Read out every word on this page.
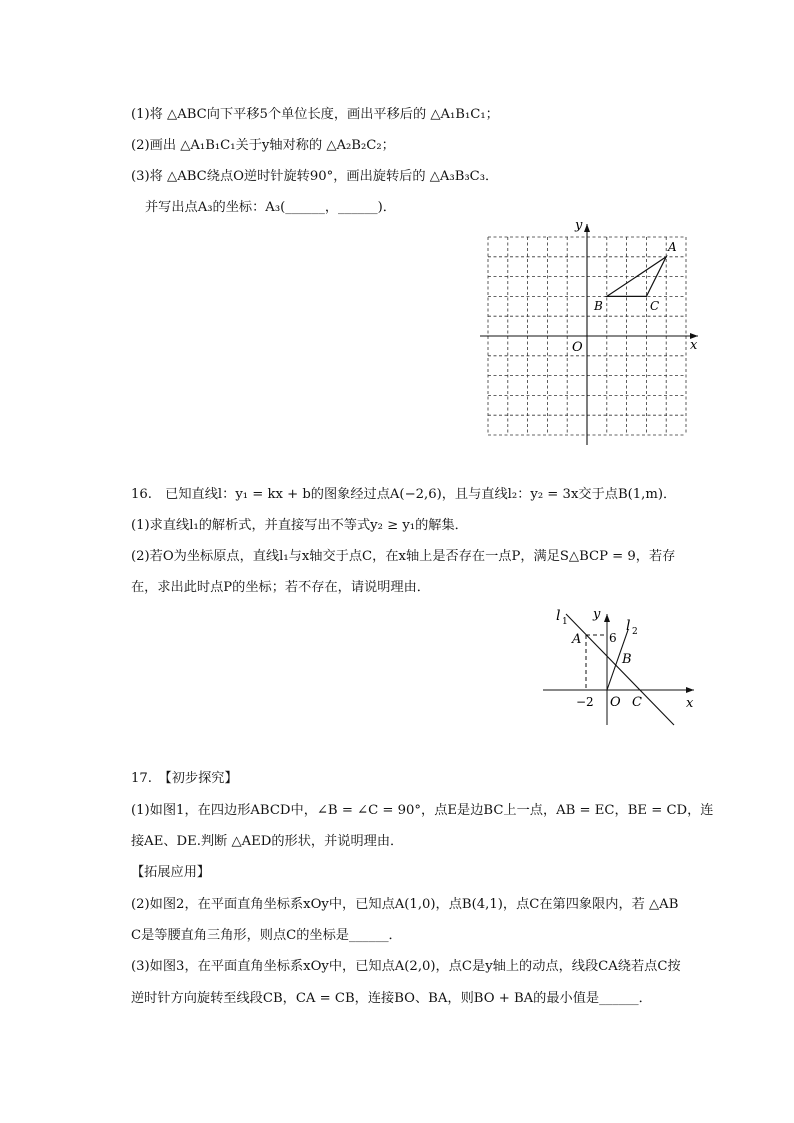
(1)将 △ABC向下平移5个单位长度，画出平移后的 △A₁B₁C₁；
(2)画出 △A₁B₁C₁关于y轴对称的 △A₂B₂C₂；
(3)将 △ABC绕点O逆时针旋转90°，画出旋转后的 △A₃B₃C₃．
并写出点A₃的坐标：A₃(______，______)．
y
x
O
A
B	C
16.　已知直线l：y₁ = kx + b的图象经过点A(−2,6)，且与直线l₂：y₂ = 3x交于点B(1,m)．
(1)求直线l₁的解析式，并直接写出不等式y₂ ≥ y₁的解集．
(2)若O为坐标原点，直线l₁与x轴交于点C，在x轴上是否存在一点P，满足S△BCP = 9，若存
在，求出此时点P的坐标；若不存在，请说明理由．
l 1	l 2
y
x
A 6
B
O C
−2
17.　【初步探究】
(1)如图1，在四边形ABCD中，∠B = ∠C = 90°，点E是边BC上一点，AB = EC，BE = CD，连
接AE、DE.判断 △AED的形状，并说明理由．
【拓展应用】
(2)如图2，在平面直角坐标系xOy中，已知点A(1,0)，点B(4,1)，点C在第四象限内，若 △AB
C是等腰直角三角形，则点C的坐标是______．
(3)如图3，在平面直角坐标系xOy中，已知点A(2,0)，点C是y轴上的动点，线段CA绕若点C按
逆时针方向旋转至线段CB，CA = CB，连接BO、BA，则BO + BA的最小值是______．
